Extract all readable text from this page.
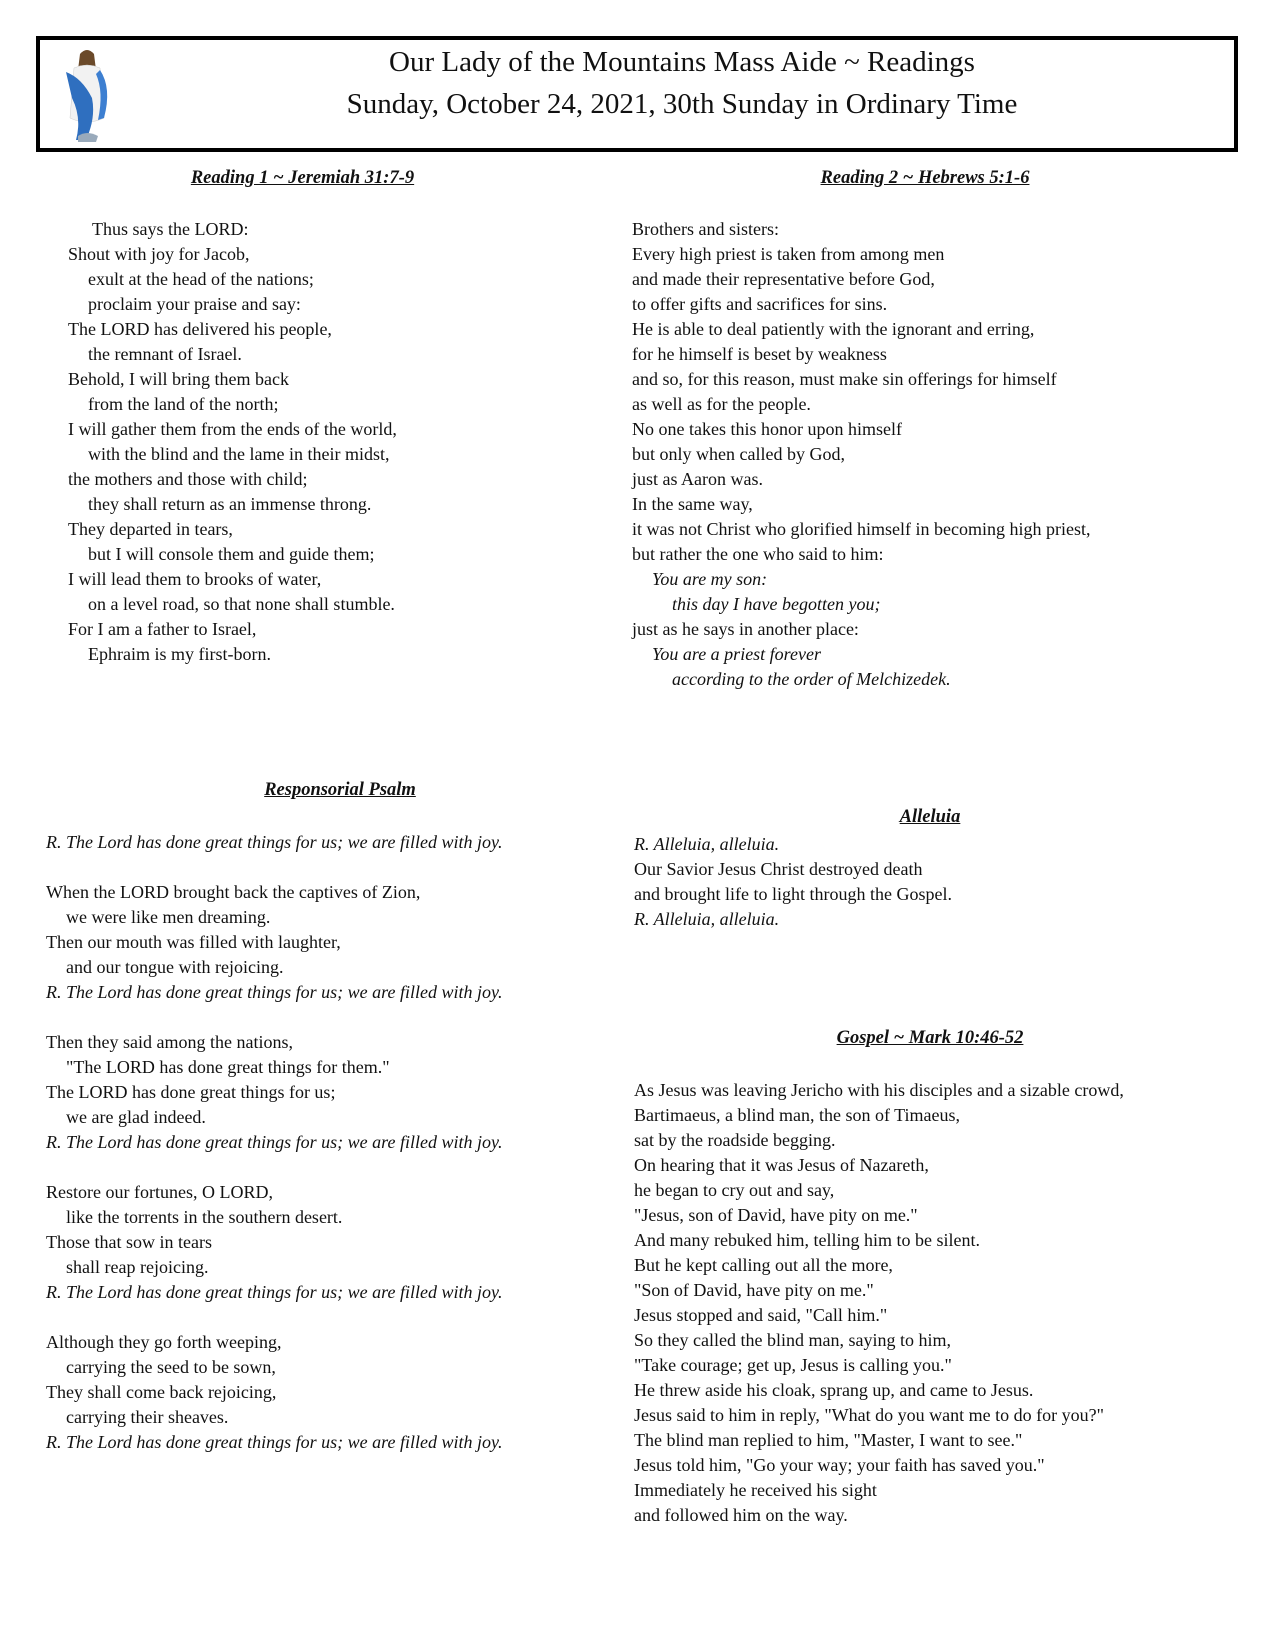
Our Lady of the Mountains Mass Aide ~ Readings
Sunday, October 24, 2021, 30th Sunday in Ordinary Time
Reading 1 ~ Jeremiah 31:7-9
Thus says the LORD:
Shout with joy for Jacob,
exult at the head of the nations;
proclaim your praise and say:
The LORD has delivered his people,
the remnant of Israel.
Behold, I will bring them back
from the land of the north;
I will gather them from the ends of the world,
with the blind and the lame in their midst,
the mothers and those with child;
they shall return as an immense throng.
They departed in tears,
but I will console them and guide them;
I will lead them to brooks of water,
on a level road, so that none shall stumble.
For I am a father to Israel,
Ephraim is my first-born.
Reading 2 ~ Hebrews 5:1-6
Brothers and sisters:
Every high priest is taken from among men
and made their representative before God,
to offer gifts and sacrifices for sins.
He is able to deal patiently with the ignorant and erring,
for he himself is beset by weakness
and so, for this reason, must make sin offerings for himself
as well as for the people.
No one takes this honor upon himself
but only when called by God,
just as Aaron was.
In the same way,
it was not Christ who glorified himself in becoming high priest,
but rather the one who said to him:
You are my son:
this day I have begotten you;
just as he says in another place:
You are a priest forever
according to the order of Melchizedek.
Responsorial Psalm
R. The Lord has done great things for us; we are filled with joy.
When the LORD brought back the captives of Zion,
we were like men dreaming.
Then our mouth was filled with laughter,
and our tongue with rejoicing.
R. The Lord has done great things for us; we are filled with joy.
Then they said among the nations,
"The LORD has done great things for them."
The LORD has done great things for us;
we are glad indeed.
R. The Lord has done great things for us; we are filled with joy.
Restore our fortunes, O LORD,
like the torrents in the southern desert.
Those that sow in tears
shall reap rejoicing.
R. The Lord has done great things for us; we are filled with joy.
Although they go forth weeping,
carrying the seed to be sown,
They shall come back rejoicing,
carrying their sheaves.
R. The Lord has done great things for us; we are filled with joy.
Alleluia
R. Alleluia, alleluia.
Our Savior Jesus Christ destroyed death
and brought life to light through the Gospel.
R. Alleluia, alleluia.
Gospel ~ Mark 10:46-52
As Jesus was leaving Jericho with his disciples and a sizable crowd,
Bartimaeus, a blind man, the son of Timaeus,
sat by the roadside begging.
On hearing that it was Jesus of Nazareth,
he began to cry out and say,
"Jesus, son of David, have pity on me."
And many rebuked him, telling him to be silent.
But he kept calling out all the more,
"Son of David, have pity on me."
Jesus stopped and said, "Call him."
So they called the blind man, saying to him,
"Take courage; get up, Jesus is calling you."
He threw aside his cloak, sprang up, and came to Jesus.
Jesus said to him in reply, "What do you want me to do for you?"
The blind man replied to him, "Master, I want to see."
Jesus told him, "Go your way; your faith has saved you."
Immediately he received his sight
and followed him on the way.
